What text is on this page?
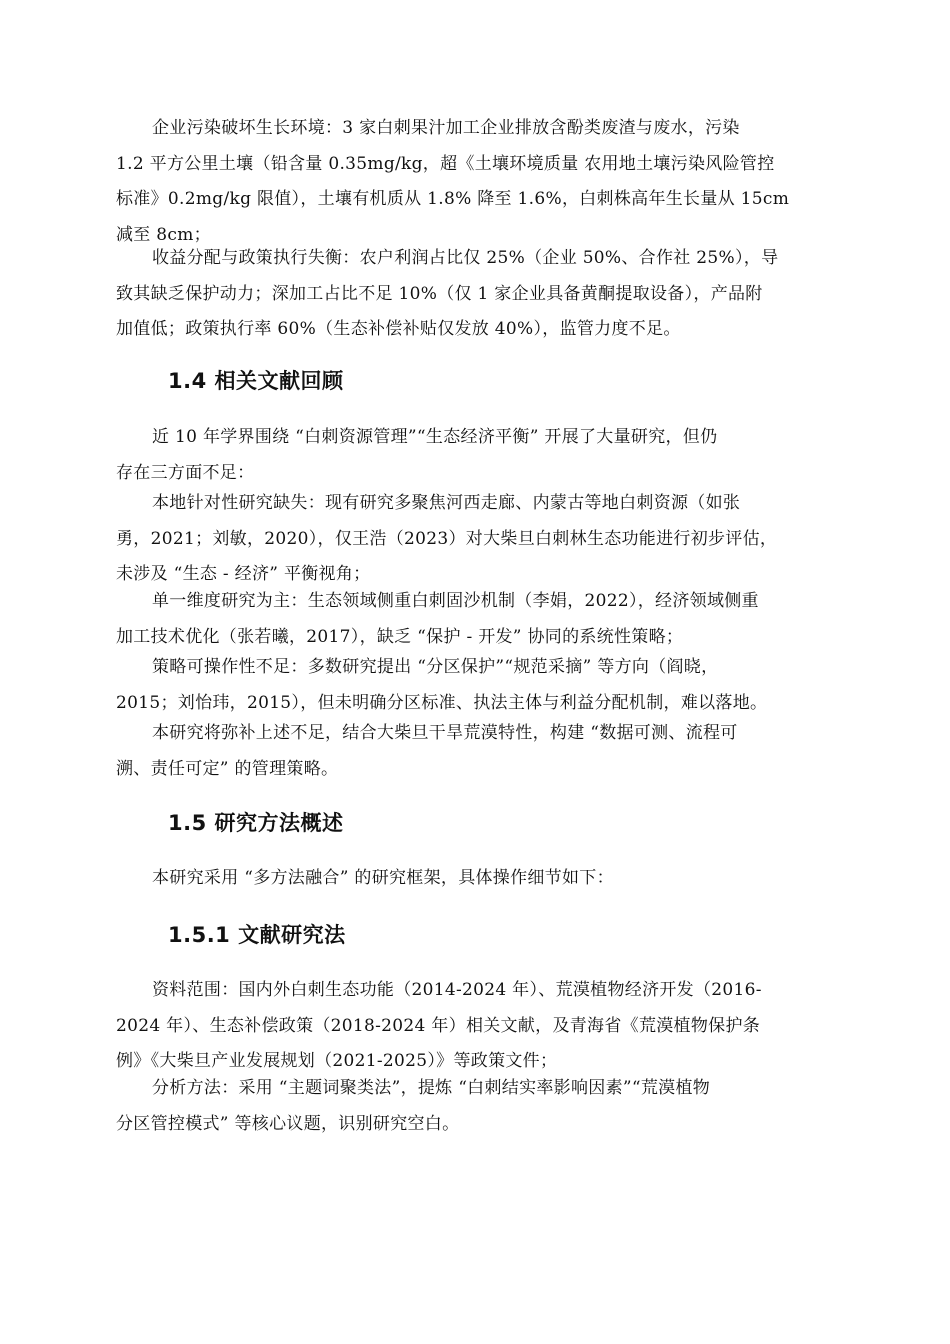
企业污染破坏生长环境：3 家白刺果汁加工企业排放含酚类废渣与废水，污染
1.2 平方公里土壤（铅含量 0.35mg/kg，超《土壤环境质量 农用地土壤污染风险管控
标准》0.2mg/kg 限值），土壤有机质从 1.8% 降至 1.6%，白刺株高年生长量从 15cm
减至 8cm；
收益分配与政策执行失衡：农户利润占比仅 25%（企业 50%、合作社 25%），导
致其缺乏保护动力；深加工占比不足 10%（仅 1 家企业具备黄酮提取设备），产品附
加值低；政策执行率 60%（生态补偿补贴仅发放 40%），监管力度不足。
1.4 相关文献回顾
近 10 年学界围绕 “白刺资源管理”“生态经济平衡” 开展了大量研究，但仍
存在三方面不足：
本地针对性研究缺失：现有研究多聚焦河西走廊、内蒙古等地白刺资源（如张
勇，2021；刘敏，2020），仅王浩（2023）对大柴旦白刺林生态功能进行初步评估，
未涉及 “生态 - 经济” 平衡视角；
单一维度研究为主：生态领域侧重白刺固沙机制（李娟，2022），经济领域侧重
加工技术优化（张若曦，2017），缺乏 “保护 - 开发” 协同的系统性策略；
策略可操作性不足：多数研究提出 “分区保护”“规范采摘” 等方向（阎晓，
2015；刘怡玮，2015），但未明确分区标准、执法主体与利益分配机制，难以落地。
本研究将弥补上述不足，结合大柴旦干旱荒漠特性，构建 “数据可测、流程可
溯、责任可定” 的管理策略。
1.5 研究方法概述
本研究采用 “多方法融合” 的研究框架，具体操作细节如下：
1.5.1 文献研究法
资料范围：国内外白刺生态功能（2014-2024 年）、荒漠植物经济开发（2016-
2024 年）、生态补偿政策（2018-2024 年）相关文献，及青海省《荒漠植物保护条
例》《大柴旦产业发展规划（2021-2025）》等政策文件；
分析方法：采用 “主题词聚类法”，提炼 “白刺结实率影响因素”“荒漠植物
分区管控模式” 等核心议题，识别研究空白。
